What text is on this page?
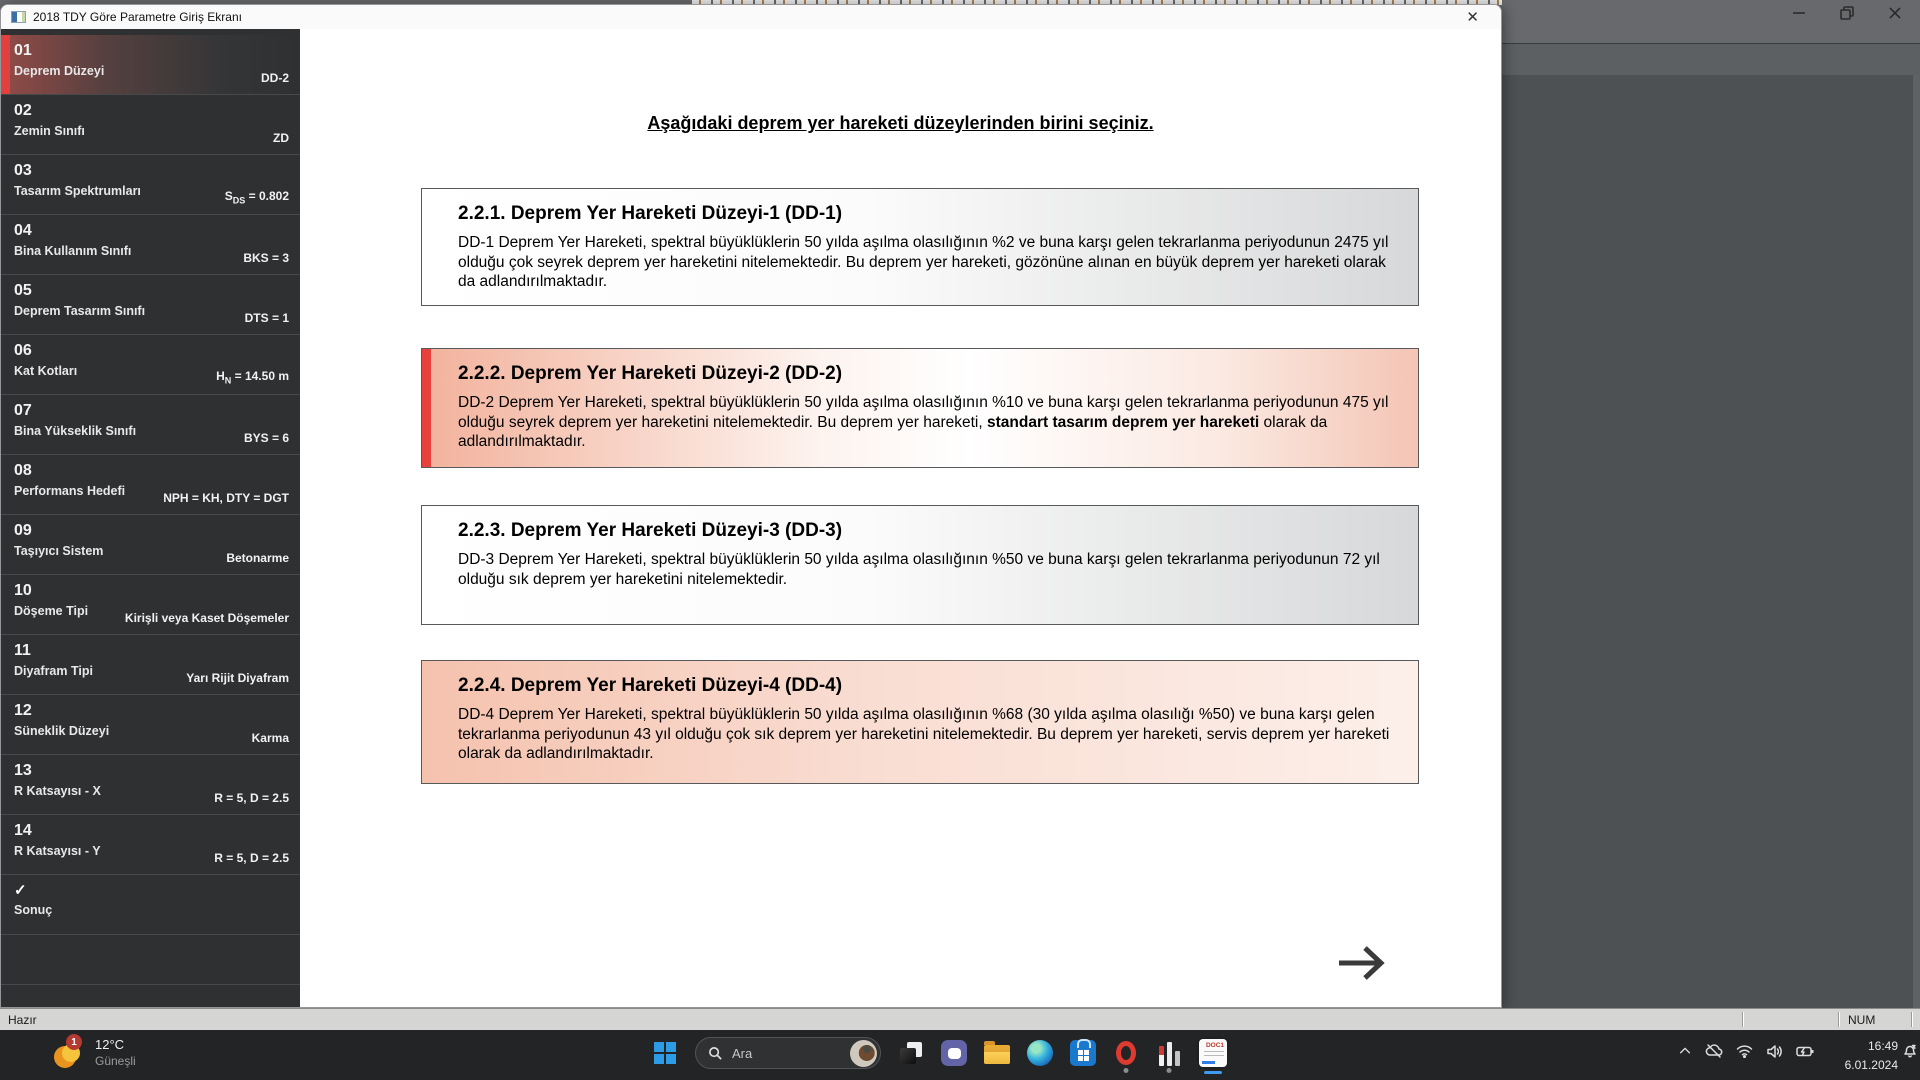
2018 TDY Göre Parametre Giriş Ekranı	✕
01
Deprem Düzeyi	DD-2
02
Zemin Sınıfı	ZD
03
Tasarım Spektrumları	$S_{DS} = 0.802$
04
Bina Kullanım Sınıfı	BKS = 3
05
Deprem Tasarım Sınıfı	DTS = 1
06
Kat Kotları	$H_N = 14.50$ m
07
Bina Yükseklik Sınıfı	BYS = 6
08
Performans Hedefi	NPH = KH, DTY = DGT
09
Taşıyıcı Sistem	Betonarme
10
Döşeme Tipi	Kirişli veya Kaset Döşemeler
11
Diyafram Tipi	Yarı Rijit Diyafram
12
Süneklik Düzeyi	Karma
13
R Katsayısı - X	R = 5, D = 2.5
14
R Katsayısı - Y	R = 5, D = 2.5
✓
Sonuç
Aşağıdaki deprem yer hareketi düzeylerinden birini seçiniz.
2.2.1. Deprem Yer Hareketi Düzeyi-1 (DD-1)
DD-1 Deprem Yer Hareketi, spektral büyüklüklerin 50 yılda aşılma olasılığının %2 ve buna karşı gelen tekrarlanma periyodunun 2475 yıl olduğu çok seyrek deprem yer hareketini nitelemektedir. Bu deprem yer hareketi, gözönüne alınan en büyük deprem yer hareketi olarak da adlandırılmaktadır.
2.2.2. Deprem Yer Hareketi Düzeyi-2 (DD-2)
DD-2 Deprem Yer Hareketi, spektral büyüklüklerin 50 yılda aşılma olasılığının %10 ve buna karşı gelen tekrarlanma periyodunun 475 yıl olduğu seyrek deprem yer hareketini nitelemektedir. Bu deprem yer hareketi, standart tasarım deprem yer hareketi olarak da adlandırılmaktadır.
2.2.3. Deprem Yer Hareketi Düzeyi-3 (DD-3)
DD-3 Deprem Yer Hareketi, spektral büyüklüklerin 50 yılda aşılma olasılığının %50 ve buna karşı gelen tekrarlanma periyodunun 72 yıl olduğu sık deprem yer hareketini nitelemektedir.
2.2.4. Deprem Yer Hareketi Düzeyi-4 (DD-4)
DD-4 Deprem Yer Hareketi, spektral büyüklüklerin 50 yılda aşılma olasılığının %68 (30 yılda aşılma olasılığı %50) ve buna karşı gelen tekrarlanma periyodunun 43 yıl olduğu çok sık deprem yer hareketini nitelemektedir. Bu deprem yer hareketi, servis deprem yer hareketi olarak da adlandırılmaktadır.
Hazır	NUM
1	12°C
Güneşli
Ara	DOC1	16:49
6.01.2024
